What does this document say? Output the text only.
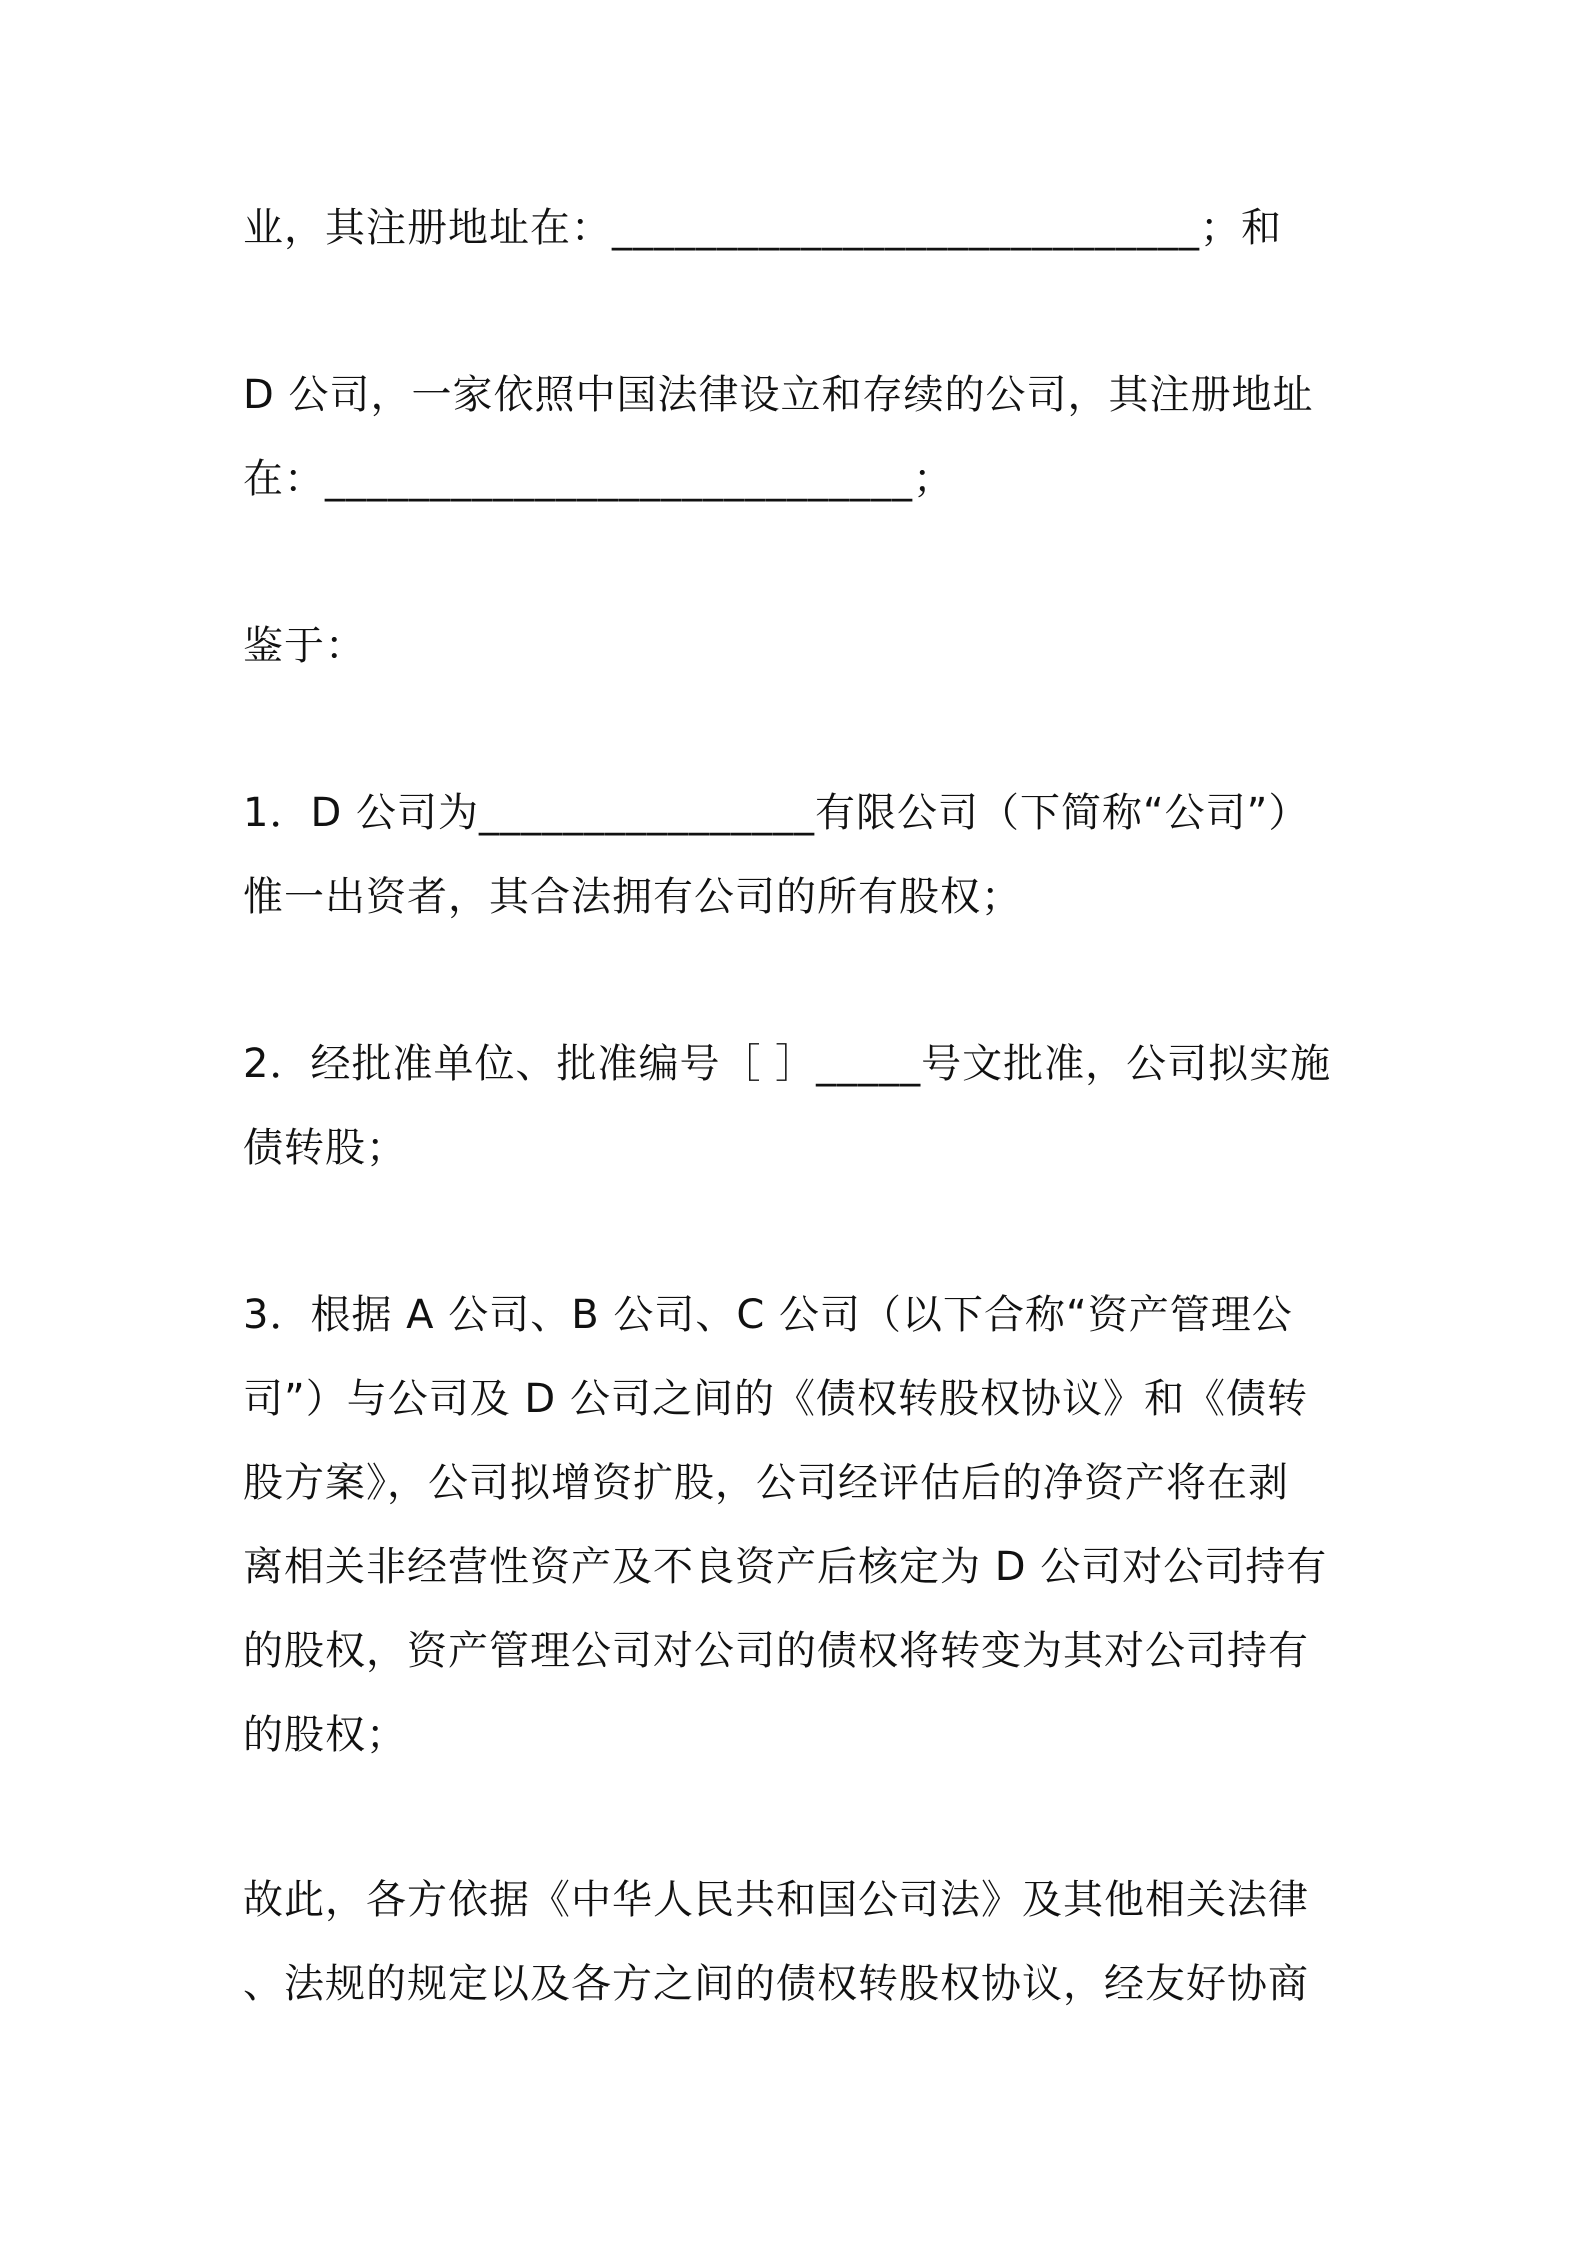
业，其注册地址在：____________________________；和
D 公司，一家依照中国法律设立和存续的公司，其注册地址
在：____________________________；
鉴于：
1．D 公司为________________有限公司（下简称“公司”）
惟一出资者，其合法拥有公司的所有股权；
2．经批准单位、批准编号［ ］_____号文批准，公司拟实施
债转股；
3．根据 A 公司、B 公司、C 公司（以下合称“资产管理公
司”）与公司及 D 公司之间的《债权转股权协议》和《债转
股方案》，公司拟增资扩股，公司经评估后的净资产将在剥
离相关非经营性资产及不良资产后核定为 D 公司对公司持有
的股权，资产管理公司对公司的债权将转变为其对公司持有
的股权；
故此，各方依据《中华人民共和国公司法》及其他相关法律
、法规的规定以及各方之间的债权转股权协议，经友好协商
